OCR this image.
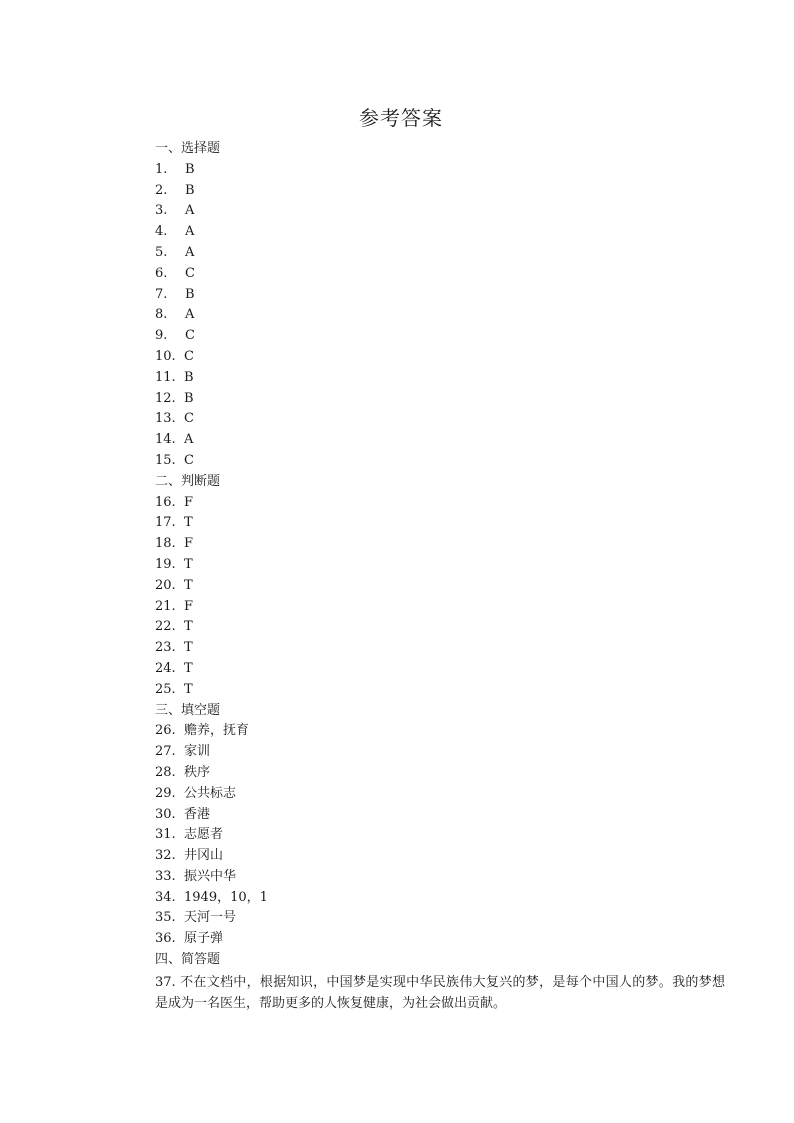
参考答案
一、选择题
1. B
2. B
3. A
4. A
5. A
6. C
7. B
8. A
9. C
10. C
11. B
12. B
13. C
14. A
15. C
二、判断题
16. F
17. T
18. F
19. T
20. T
21. F
22. T
23. T
24. T
25. T
三、填空题
26. 赡养，抚育
27. 家训
28. 秩序
29. 公共标志
30. 香港
31. 志愿者
32. 井冈山
33. 振兴中华
34. 1949，10，1
35. 天河一号
36. 原子弹
四、简答题
37. 不在文档中，根据知识，中国梦是实现中华民族伟大复兴的梦，是每个中国人的梦。我的梦想是成为一名医生，帮助更多的人恢复健康，为社会做出贡献。
